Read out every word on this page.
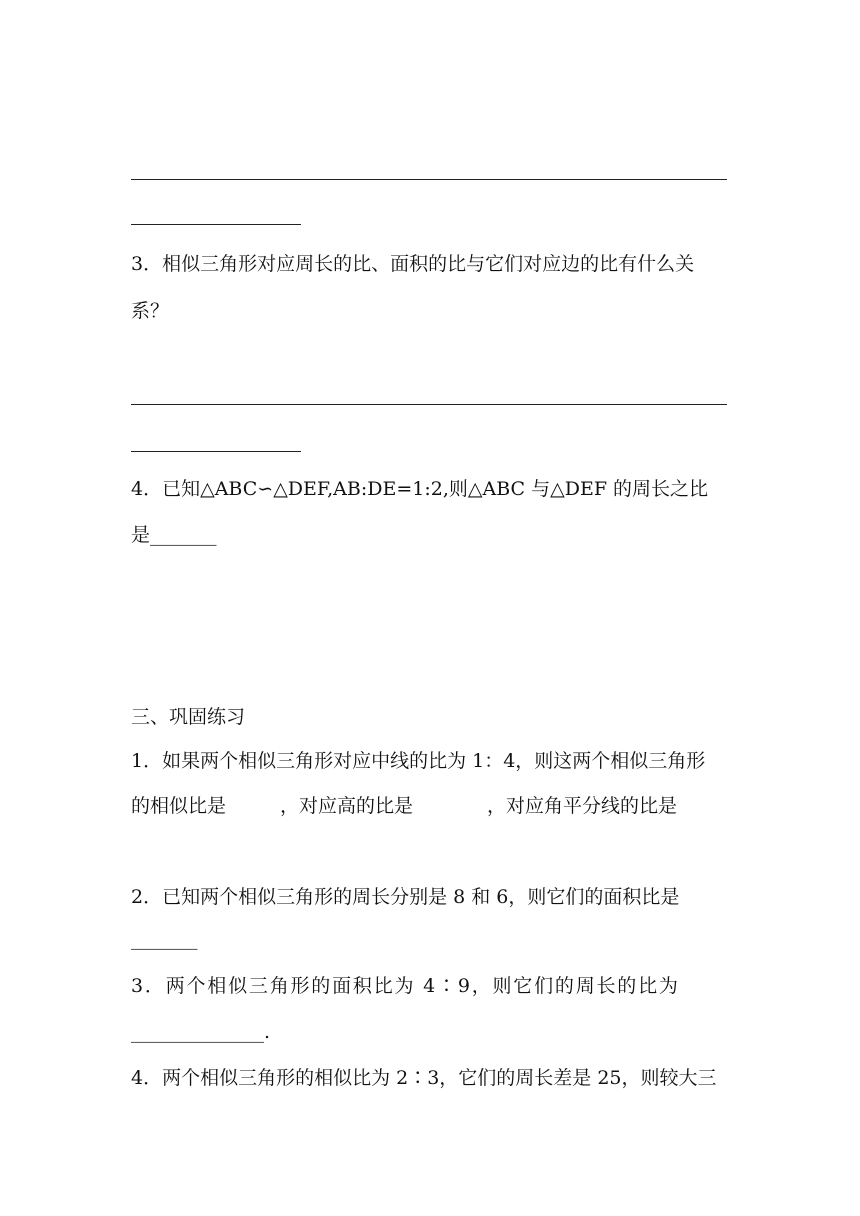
3．相似三角形对应周长的比、面积的比与它们对应边的比有什么关
系？
4．已知△ABC∽△DEF,AB:DE=1:2,则△ABC 与△DEF 的周长之比
是_______
三、巩固练习
1．如果两个相似三角形对应中线的比为 1：4，则这两个相似三角形
的相似比是	，对应高的比是	，对应角平分线的比是
2．已知两个相似三角形的周长分别是 8 和 6，则它们的面积比是
_______
3．两个相似三角形的面积比为 4∶9，则它们的周长的比为
______________.
4．两个相似三角形的相似比为 2∶3，它们的周长差是 25，则较大三
